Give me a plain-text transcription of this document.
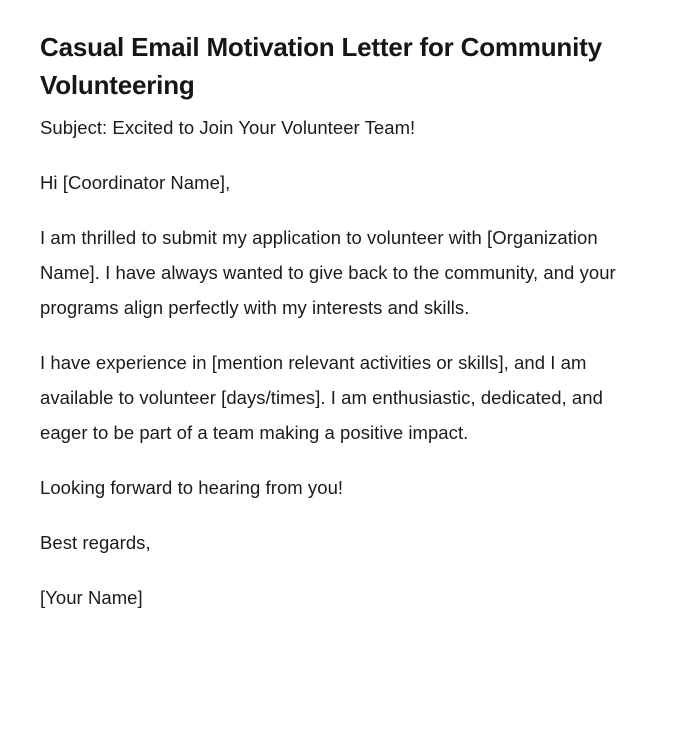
Casual Email Motivation Letter for Community Volunteering

Subject: Excited to Join Your Volunteer Team!

Hi [Coordinator Name],

I am thrilled to submit my application to volunteer with [Organization Name]. I have always wanted to give back to the community, and your programs align perfectly with my interests and skills.

I have experience in [mention relevant activities or skills], and I am available to volunteer [days/times]. I am enthusiastic, dedicated, and eager to be part of a team making a positive impact.

Looking forward to hearing from you!

Best regards,

[Your Name]
